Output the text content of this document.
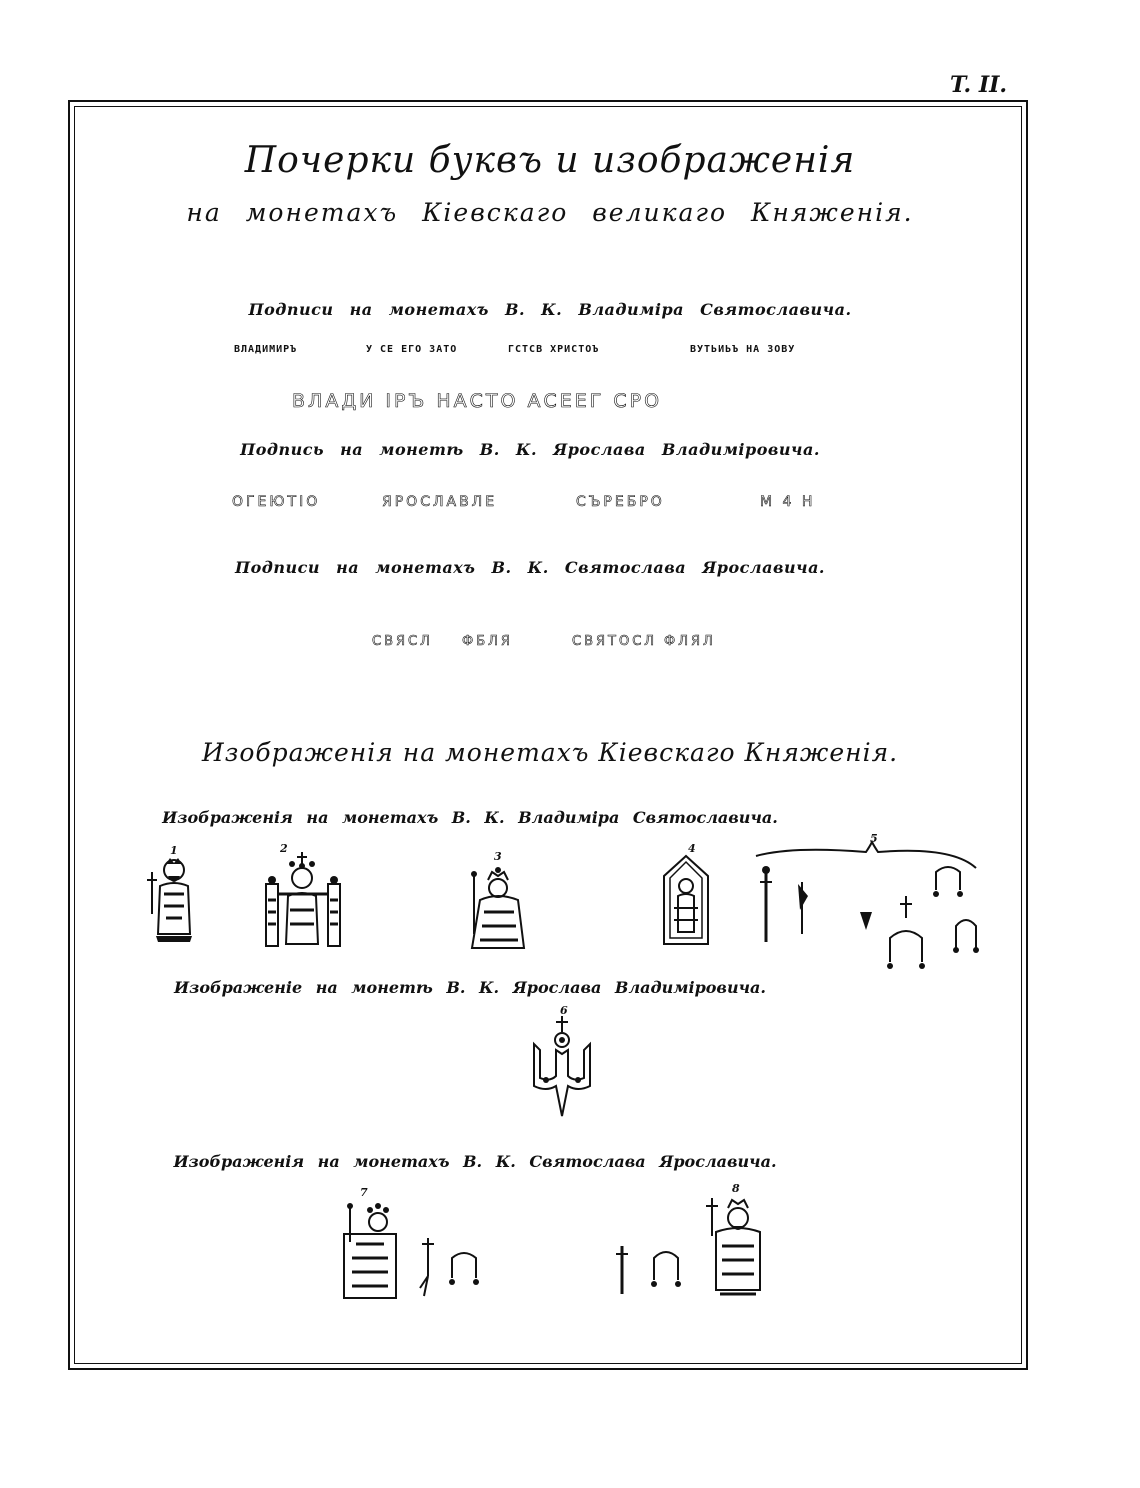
T. II.
Почерки буквъ и изображенія
на монетахъ Кіевскаго великаго Княженія.
Подписи на монетахъ В. К. Владиміра Святославича.
ВЛАДИМИРЪ	У СЕ ЕГО ЗАТО	ГСТСВ ХРИСТОЪ	ВУТЬИЬЪ НА ЗОВУ
ВЛАДИ ІРЪ НАСТО АСЕЕГ СРО
Подпись на монетѣ В. К. Ярослава Владиміровича.
ОГЕЮТІО	ЯРОСЛАВЛЕ	СЪРЕБРО	М 4 Н
Подписи на монетахъ В. К. Святослава Ярославича.
СВЯСЛ ФБЛЯ	СВЯТОСЛ ФЛЯЛ
Изображенія на монетахъ Кіевскаго Княженія.
Изображенія на монетахъ В. К. Владиміра Святославича.
1	2
3
4
5
Изображеніе на монетѣ В. К. Ярослава Владиміровича.
6
Изображенія на монетахъ В. К. Святослава Ярославича.
7	8
